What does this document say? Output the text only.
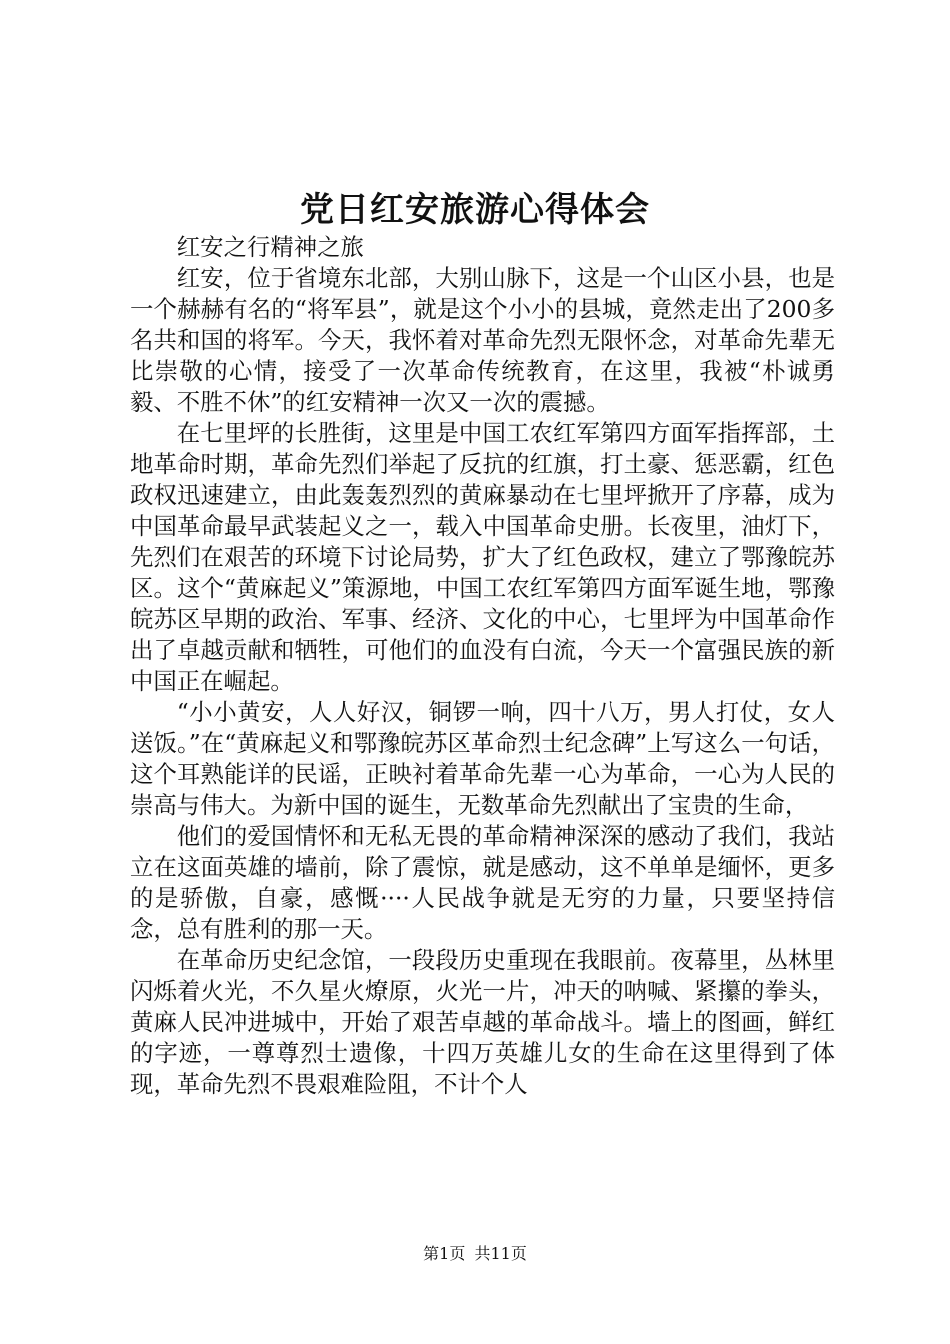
党日红安旅游心得体会

红安之行精神之旅

红安，位于省境东北部，大别山脉下，这是一个山区小县，也是一个赫赫有名的“将军县”，就是这个小小的县城，竟然走出了200多名共和国的将军。今天，我怀着对革命先烈无限怀念，对革命先辈无比崇敬的心情，接受了一次革命传统教育，在这里，我被“朴诚勇毅、不胜不休”的红安精神一次又一次的震撼。

在七里坪的长胜街，这里是中国工农红军第四方面军指挥部，土地革命时期，革命先烈们举起了反抗的红旗，打土豪、惩恶霸，红色政权迅速建立，由此轰轰烈烈的黄麻暴动在七里坪掀开了序幕，成为中国革命最早武装起义之一，载入中国革命史册。长夜里，油灯下，先烈们在艰苦的环境下讨论局势，扩大了红色政权，建立了鄂豫皖苏区。这个“黄麻起义”策源地，中国工农红军第四方面军诞生地，鄂豫皖苏区早期的政治、军事、经济、文化的中心，七里坪为中国革命作出了卓越贡献和牺牲，可他们的血没有白流，今天一个富强民族的新中国正在崛起。

“小小黄安，人人好汉，铜锣一响，四十八万，男人打仗，女人送饭。”在“黄麻起义和鄂豫皖苏区革命烈士纪念碑”上写这么一句话，这个耳熟能详的民谣，正映衬着革命先辈一心为革命，一心为人民的崇高与伟大。为新中国的诞生，无数革命先烈献出了宝贵的生命，

他们的爱国情怀和无私无畏的革命精神深深的感动了我们，我站立在这面英雄的墙前，除了震惊，就是感动，这不单单是缅怀，更多的是骄傲，自豪，感慨····人民战争就是无穷的力量，只要坚持信念，总有胜利的那一天。

在革命历史纪念馆，一段段历史重现在我眼前。夜幕里，丛林里闪烁着火光，不久星火燎原，火光一片，冲天的呐喊、紧攥的拳头，黄麻人民冲进城中，开始了艰苦卓越的革命战斗。墙上的图画，鲜红的字迹，一尊尊烈士遗像，十四万英雄儿女的生命在这里得到了体现，革命先烈不畏艰难险阻，不计个人

第1页 共11页
